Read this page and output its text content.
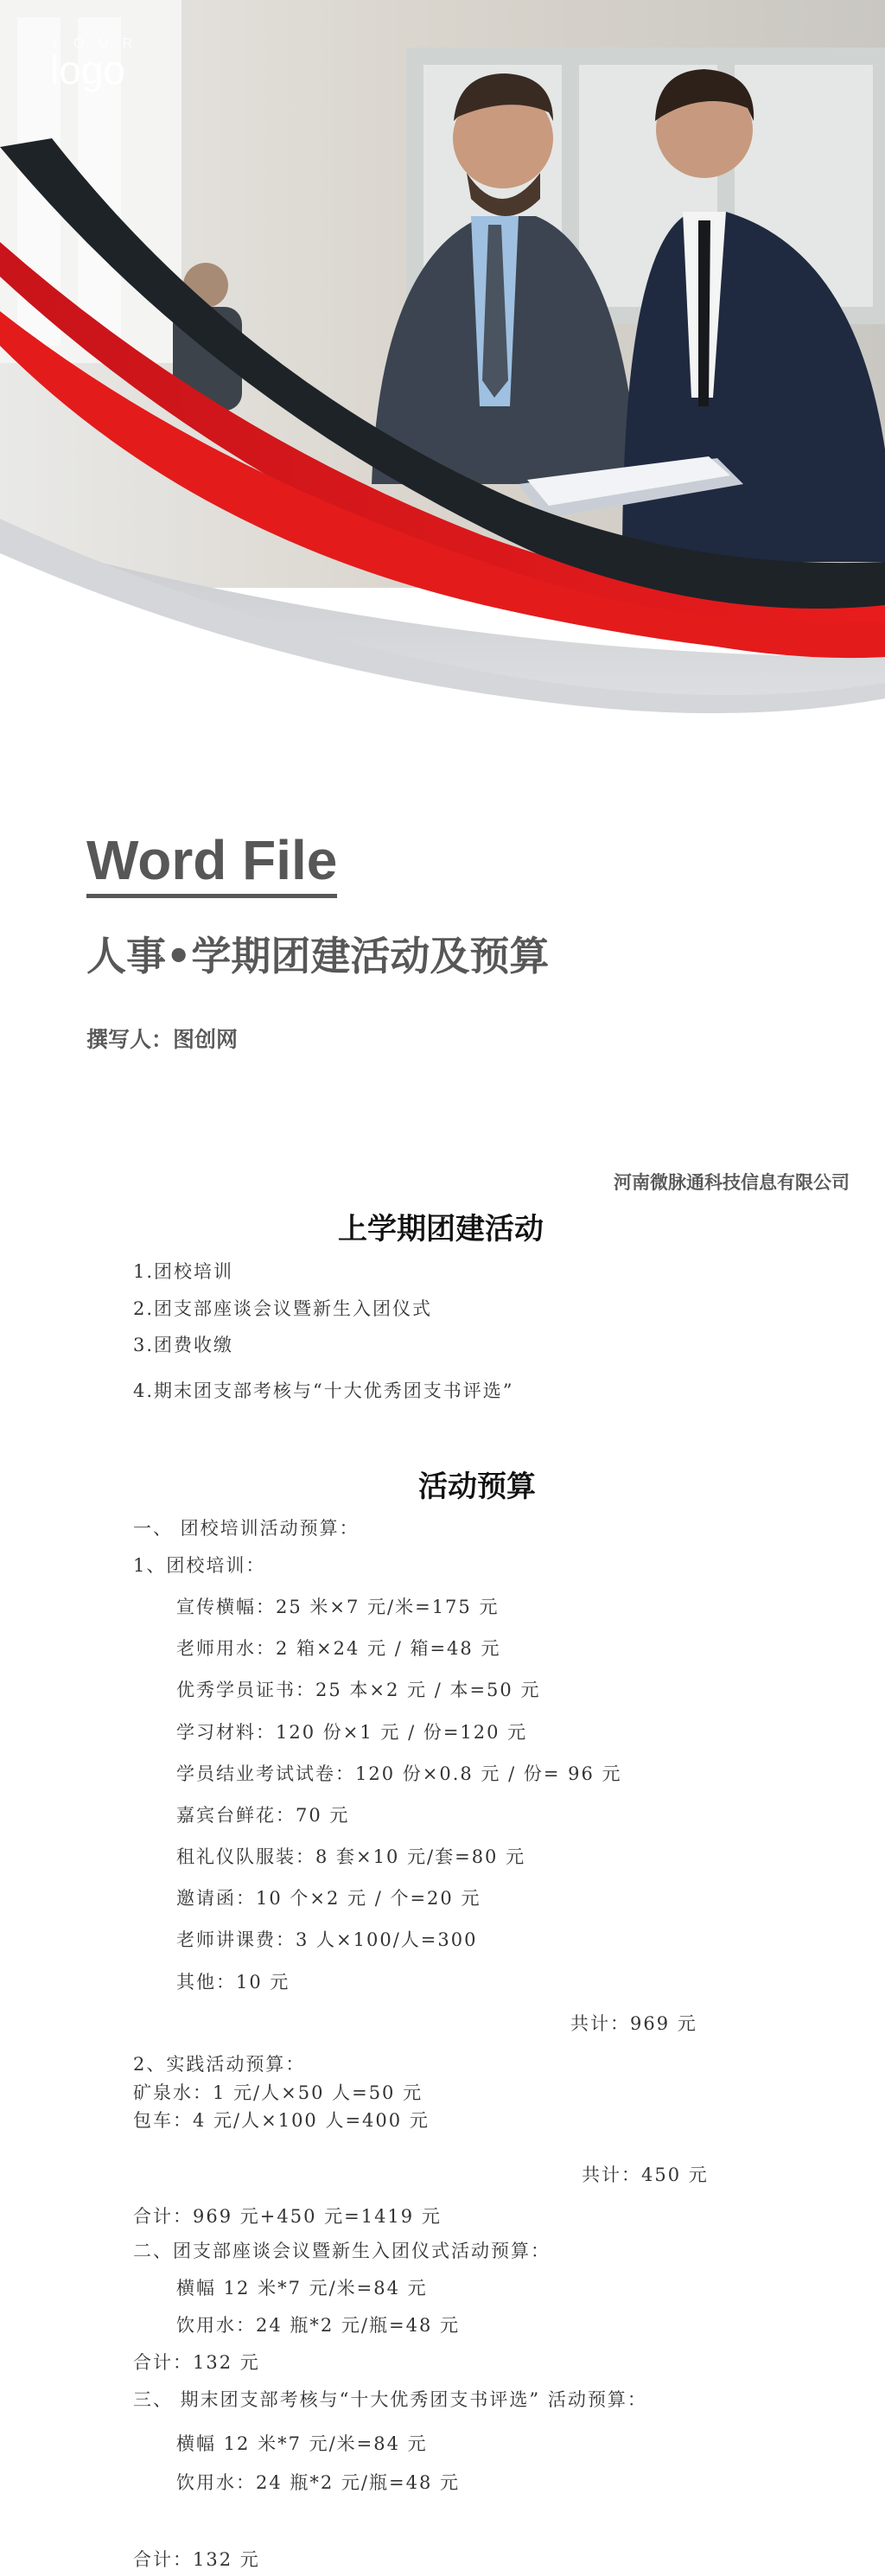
Y O U R
logo
Word File
人事•学期团建活动及预算
撰写人：图创网
河南微脉通科技信息有限公司
上学期团建活动
1.团校培训
2.团支部座谈会议暨新生入团仪式
3.团费收缴
4.期末团支部考核与“十大优秀团支书评选”
活动预算
一、 团校培训活动预算：
1、团校培训：
宣传横幅：25 米×7 元/米=175 元
老师用水：2 箱×24 元 / 箱=48 元
优秀学员证书：25 本×2 元 / 本=50 元
学习材料：120 份×1 元 / 份=120 元
学员结业考试试卷：120 份×0.8 元 / 份= 96 元
嘉宾台鲜花：70 元
租礼仪队服装：8 套×10 元/套=80 元
邀请函：10 个×2 元 / 个=20 元
老师讲课费：3 人×100/人=300
其他：10 元
共计：969 元
2、实践活动预算：
矿泉水：1 元/人×50 人=50 元
包车：4 元/人×100 人=400 元
共计：450 元
合计：969 元+450 元=1419 元
二、团支部座谈会议暨新生入团仪式活动预算：
横幅 12 米*7 元/米=84 元
饮用水：24 瓶*2 元/瓶=48 元
合计：132 元
三、 期末团支部考核与“十大优秀团支书评选” 活动预算：
横幅 12 米*7 元/米=84 元
饮用水：24 瓶*2 元/瓶=48 元
合计：132 元
